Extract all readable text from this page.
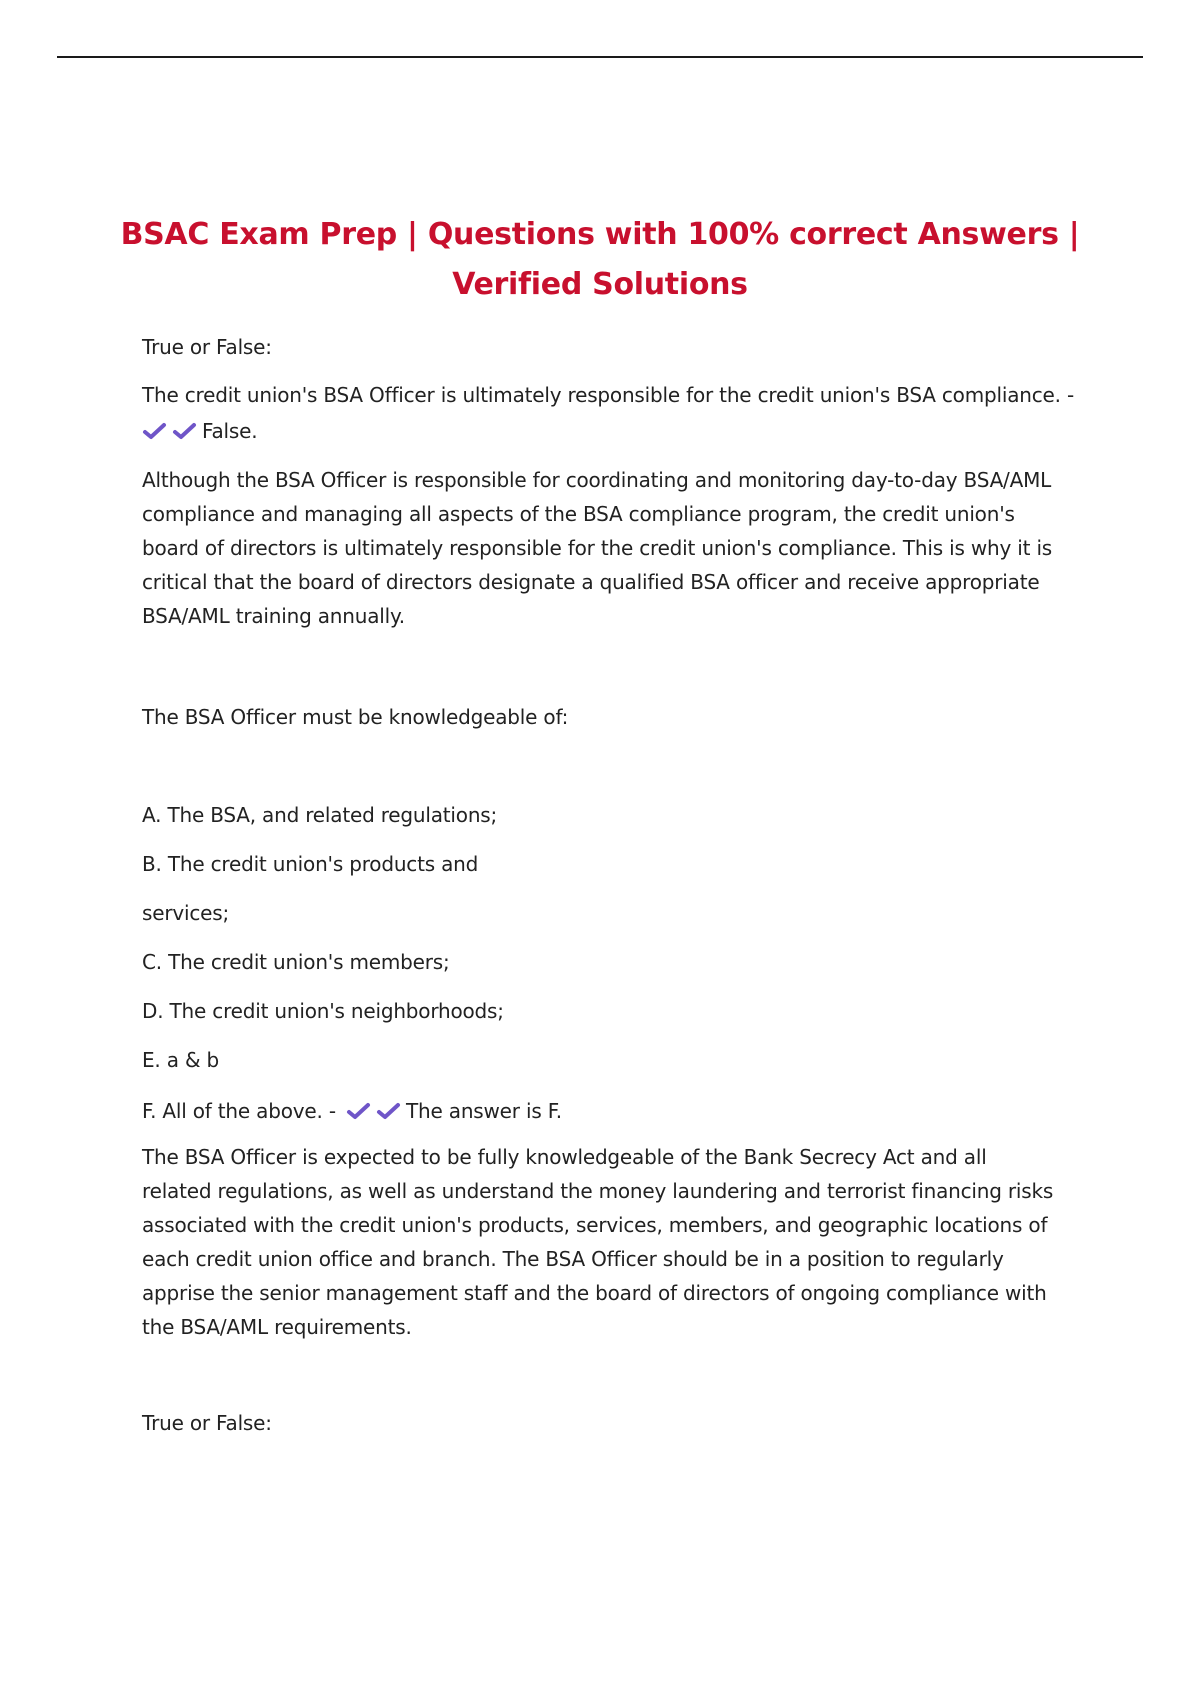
BSAC Exam Prep | Questions with 100% correct Answers | Verified Solutions
True or False:
The credit union's BSA Officer is ultimately responsible for the credit union's BSA compliance. -
False.
Although the BSA Officer is responsible for coordinating and monitoring day-to-day BSA/AML compliance and managing all aspects of the BSA compliance program, the credit union's board of directors is ultimately responsible for the credit union's compliance. This is why it is critical that the board of directors designate a qualified BSA officer and receive appropriate BSA/AML training annually.
The BSA Officer must be knowledgeable of:
A. The BSA, and related regulations;
B. The credit union's products and
services;
C. The credit union's members;
D. The credit union's neighborhoods;
E. a & b
F. All of the above. -	The answer is F.
The BSA Officer is expected to be fully knowledgeable of the Bank Secrecy Act and all related regulations, as well as understand the money laundering and terrorist financing risks associated with the credit union's products, services, members, and geographic locations of each credit union office and branch. The BSA Officer should be in a position to regularly apprise the senior management staff and the board of directors of ongoing compliance with the BSA/AML requirements.
True or False:
